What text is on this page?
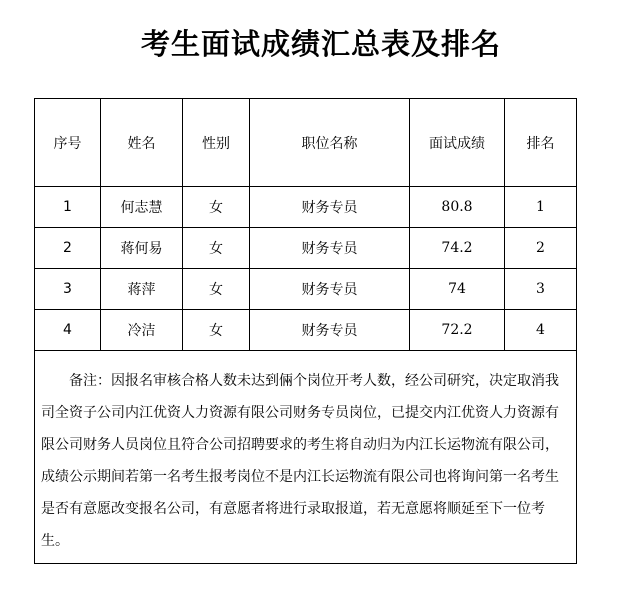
考生面试成绩汇总表及排名
序号	姓名	性别	职位名称	面试成绩	排名
1	何志慧	女	财务专员	80.8	1
2	蒋何易	女	财务专员	74.2	2
3	蒋萍	女	财务专员	74	3
4	冷洁	女	财务专员	72.2	4
备注：因报名审核合格人数未达到倆个岗位开考人数，经公司研究，决定取消我司全资子公司内江优资人力资源有限公司财务专员岗位，已提交内江优资人力资源有限公司财务人员岗位且符合公司招聘要求的考生将自动归为内江长运物流有限公司，成绩公示期间若第一名考生报考岗位不是内江长运物流有限公司也将询问第一名考生是否有意愿改变报名公司，有意愿者将进行录取报道，若无意愿将顺延至下一位考生。					
